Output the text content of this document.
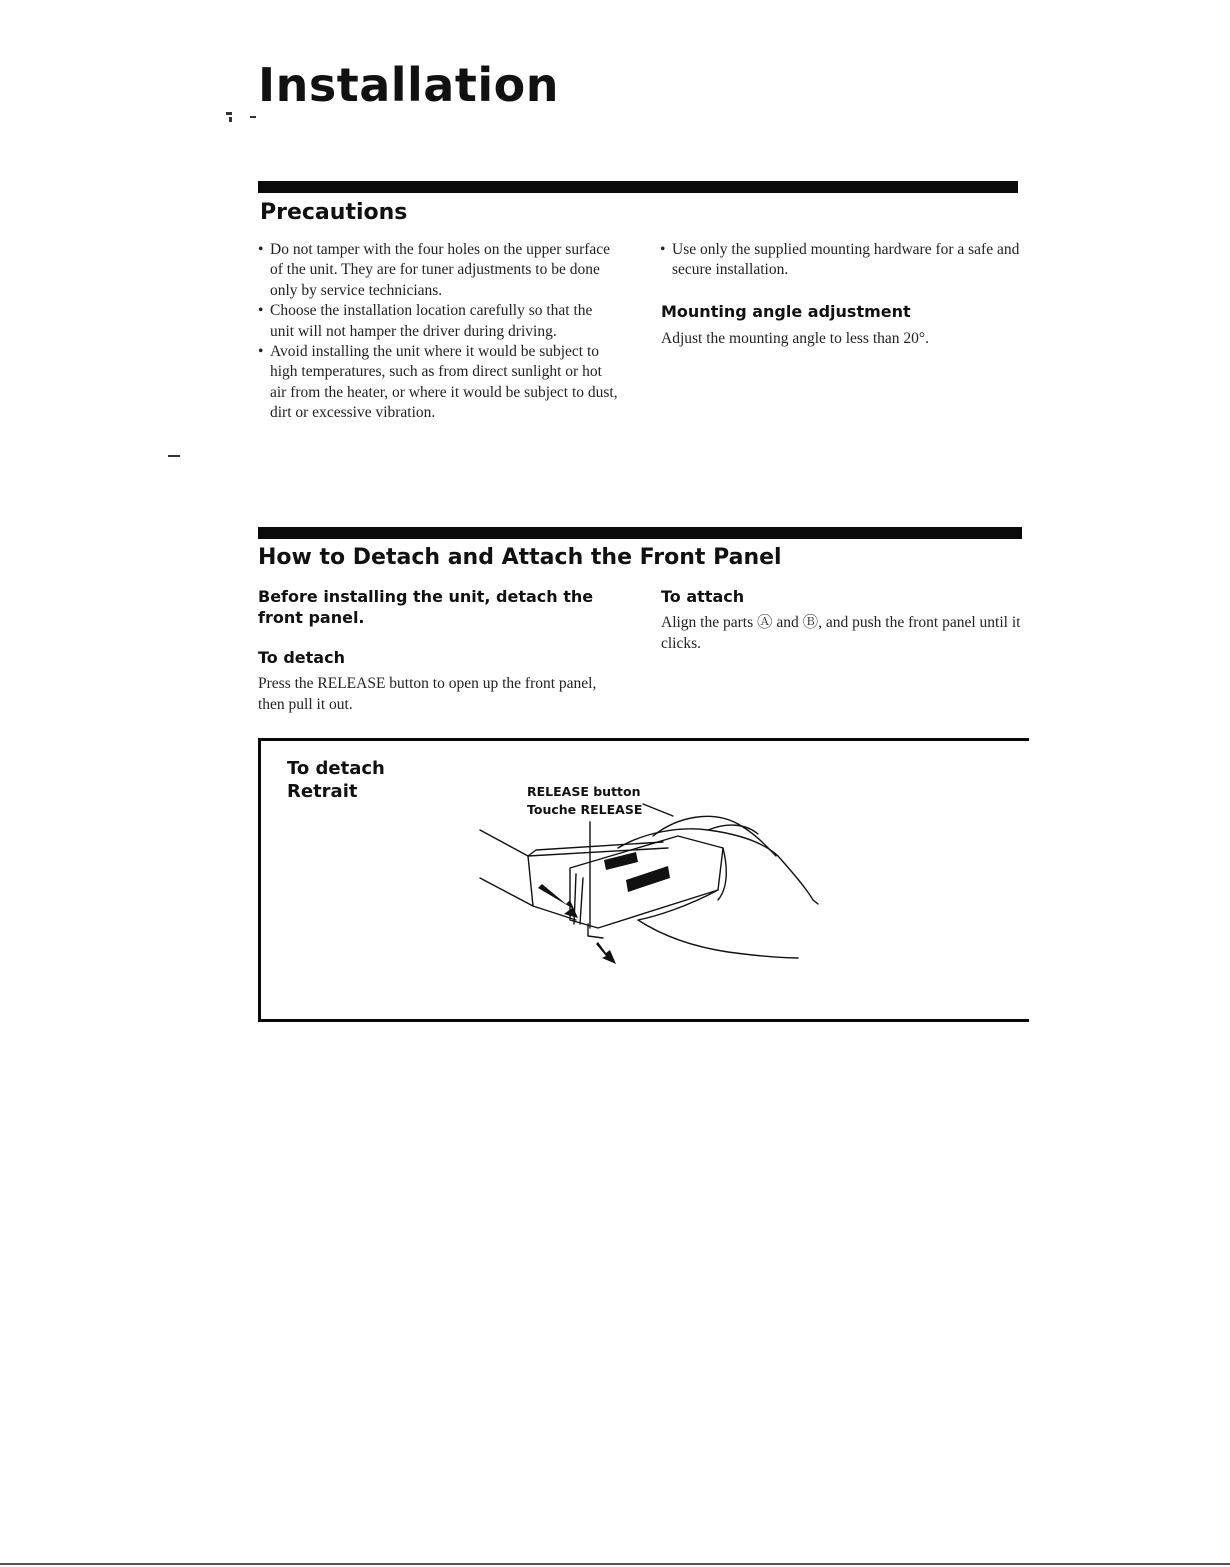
Installation
Precautions
• Do not tamper with the four holes on the upper surface of the unit. They are for tuner adjustments to be done only by service technicians.
• Choose the installation location carefully so that the unit will not hamper the driver during driving.
• Avoid installing the unit where it would be subject to high temperatures, such as from direct sunlight or hot air from the heater, or where it would be subject to dust, dirt or excessive vibration.
• Use only the supplied mounting hardware for a safe and secure installation.
Mounting angle adjustment

Adjust the mounting angle to less than 20°.

How to Detach and Attach the Front Panel
Before installing the unit, detach the front panel.
To detach

Press the RELEASE button to open up the front panel, then pull it out.

To attach

Align the parts Ⓐ and Ⓑ, and push the front panel until it clicks.

To detach

Retrait	RELEASE button

Touche RELEASE
